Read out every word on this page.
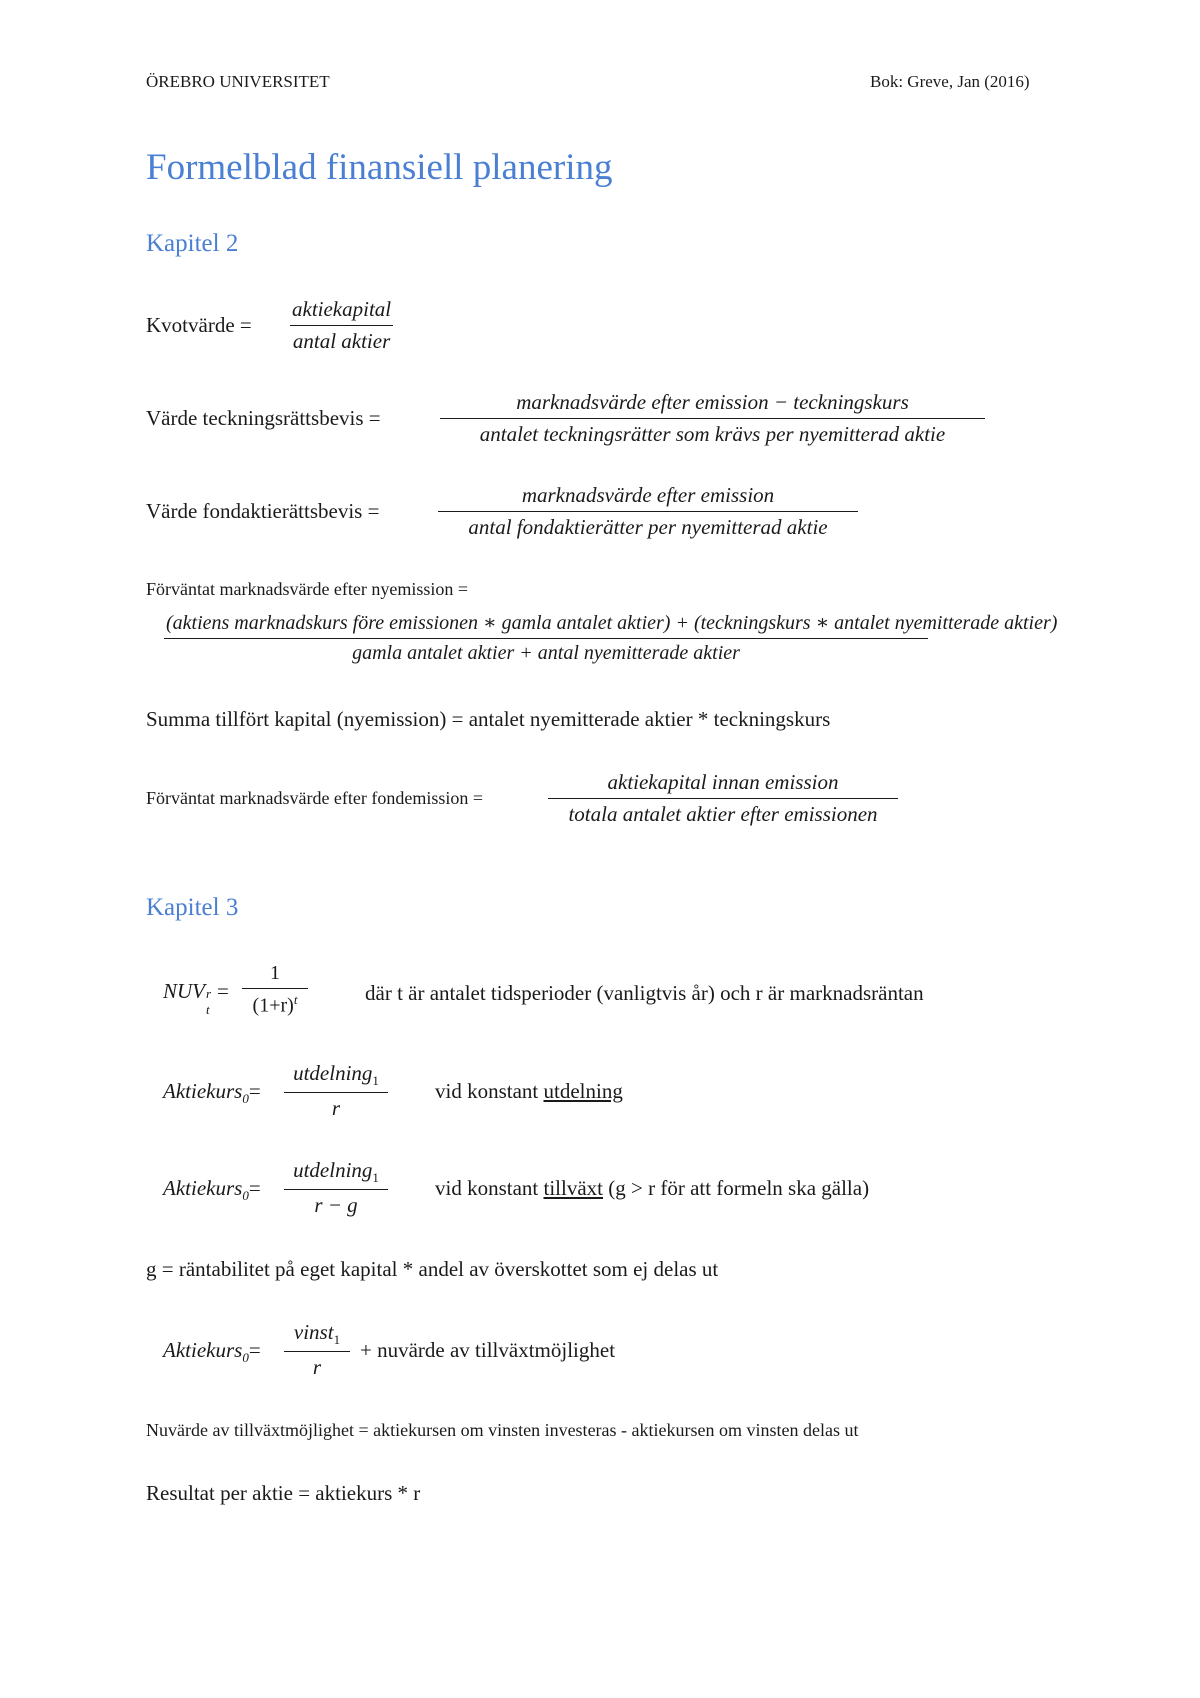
ÖREBRO UNIVERSITET	Bok: Greve, Jan (2016)
Formelblad finansiell planering
Kapitel 2
Kvotvärde =
aktiekapital
antal aktier
Värde teckningsrättsbevis =
marknadsvärde efter emission − teckningskurs
antalet teckningsrätter som krävs per nyemitterad aktie
Värde fondaktierättsbevis =
marknadsvärde efter emission
antal fondaktierätter per nyemitterad aktie
Förväntat marknadsvärde efter nyemission =
(aktiens marknadskurs före emissionen ∗ gamla antalet aktier) + (teckningskurs ∗ antalet nyemitterade aktier)
gamla antalet aktier + antal nyemitterade aktier
Summa tillfört kapital (nyemission) = antalet nyemitterade aktier * teckningskurs
Förväntat marknadsvärde efter fondemission =
aktiekapital innan emission
totala antalet aktier efter emissionen
Kapitel 3
NUV r
t
= $\frac{1}{(1+r)^t}$	där t är antalet tidsperioder (vanligtvis år) och r är marknadsräntan
Aktiekurs$_0$=
utdelning$_1$
r
vid konstant utdelning
Aktiekurs$_0$=
utdelning$_1$
r − g
vid konstant tillväxt (g > r för att formeln ska gälla)
g = räntabilitet på eget kapital * andel av överskottet som ej delas ut
Aktiekurs$_0$=
vinst$_1$
r
+ nuvärde av tillväxtmöjlighet
Nuvärde av tillväxtmöjlighet = aktiekursen om vinsten investeras - aktiekursen om vinsten delas ut
Resultat per aktie = aktiekurs * r
